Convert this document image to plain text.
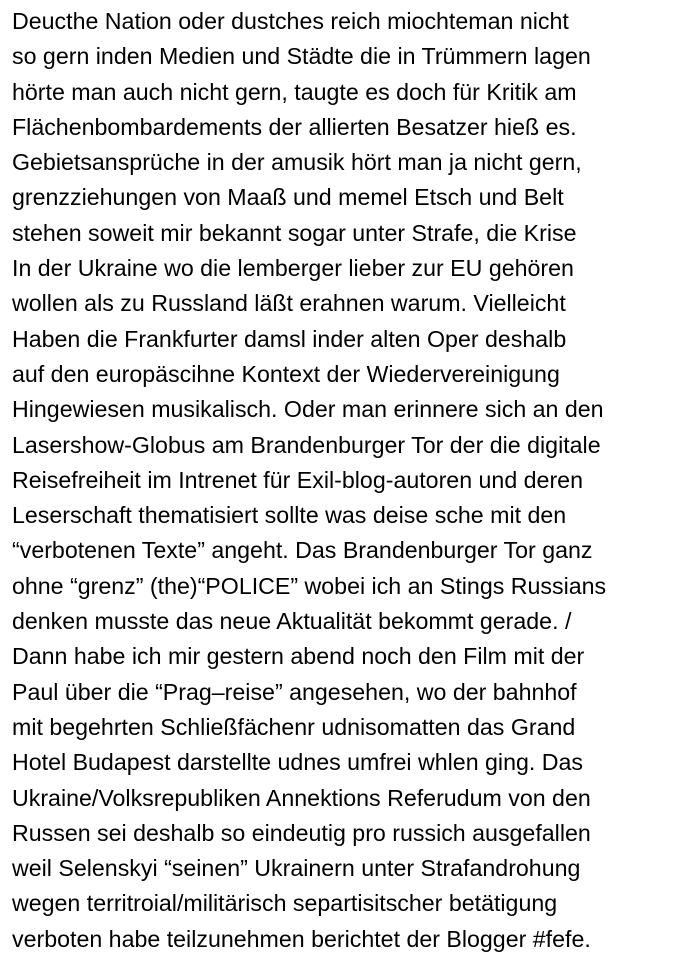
Deucthe Nation oder dustches reich miochteman nicht
so gern inden Medien und Städte die in Trümmern lagen
hörte man auch nicht gern, taugte es doch für Kritik am
Flächenbombardements der allierten Besatzer hieß es.
Gebietsansprüche in der amusik hört man ja nicht gern,
grenzziehungen von Maaß und memel Etsch und Belt
stehen soweit mir bekannt sogar unter Strafe, die Krise
In der Ukraine wo die lemberger lieber zur EU gehören
wollen als zu Russland läßt erahnen warum. Vielleicht
Haben die Frankfurter damsl inder alten Oper deshalb
auf den europäscihne Kontext der Wiedervereinigung
Hingewiesen musikalisch. Oder man erinnere sich an den
Lasershow-Globus am Brandenburger Tor der die digitale
Reisefreiheit im Intrenet für Exil-blog-autoren und deren
Leserschaft thematisiert sollte was deise sche mit den
“verbotenen Texte” angeht. Das Brandenburger Tor ganz
ohne “grenz” (the)“POLICE” wobei ich an Stings Russians
denken musste das neue Aktualität bekommt gerade. /
Dann habe ich mir gestern abend noch den Film mit der
Paul über die “Prag–reise” angesehen, wo der bahnhof
mit begehrten Schließfächenr udnisomatten das Grand
Hotel Budapest darstellte udnes umfrei whlen ging. Das
Ukraine/Volksrepubliken Annektions Referudum von den
Russen sei deshalb so eindeutig pro russich ausgefallen
weil Selenskyi “seinen” Ukrainern unter Strafandrohung
wegen territroial/militärisch separtisitscher betätigung
verboten habe teilzunehmen berichtet der Blogger #fefe.
